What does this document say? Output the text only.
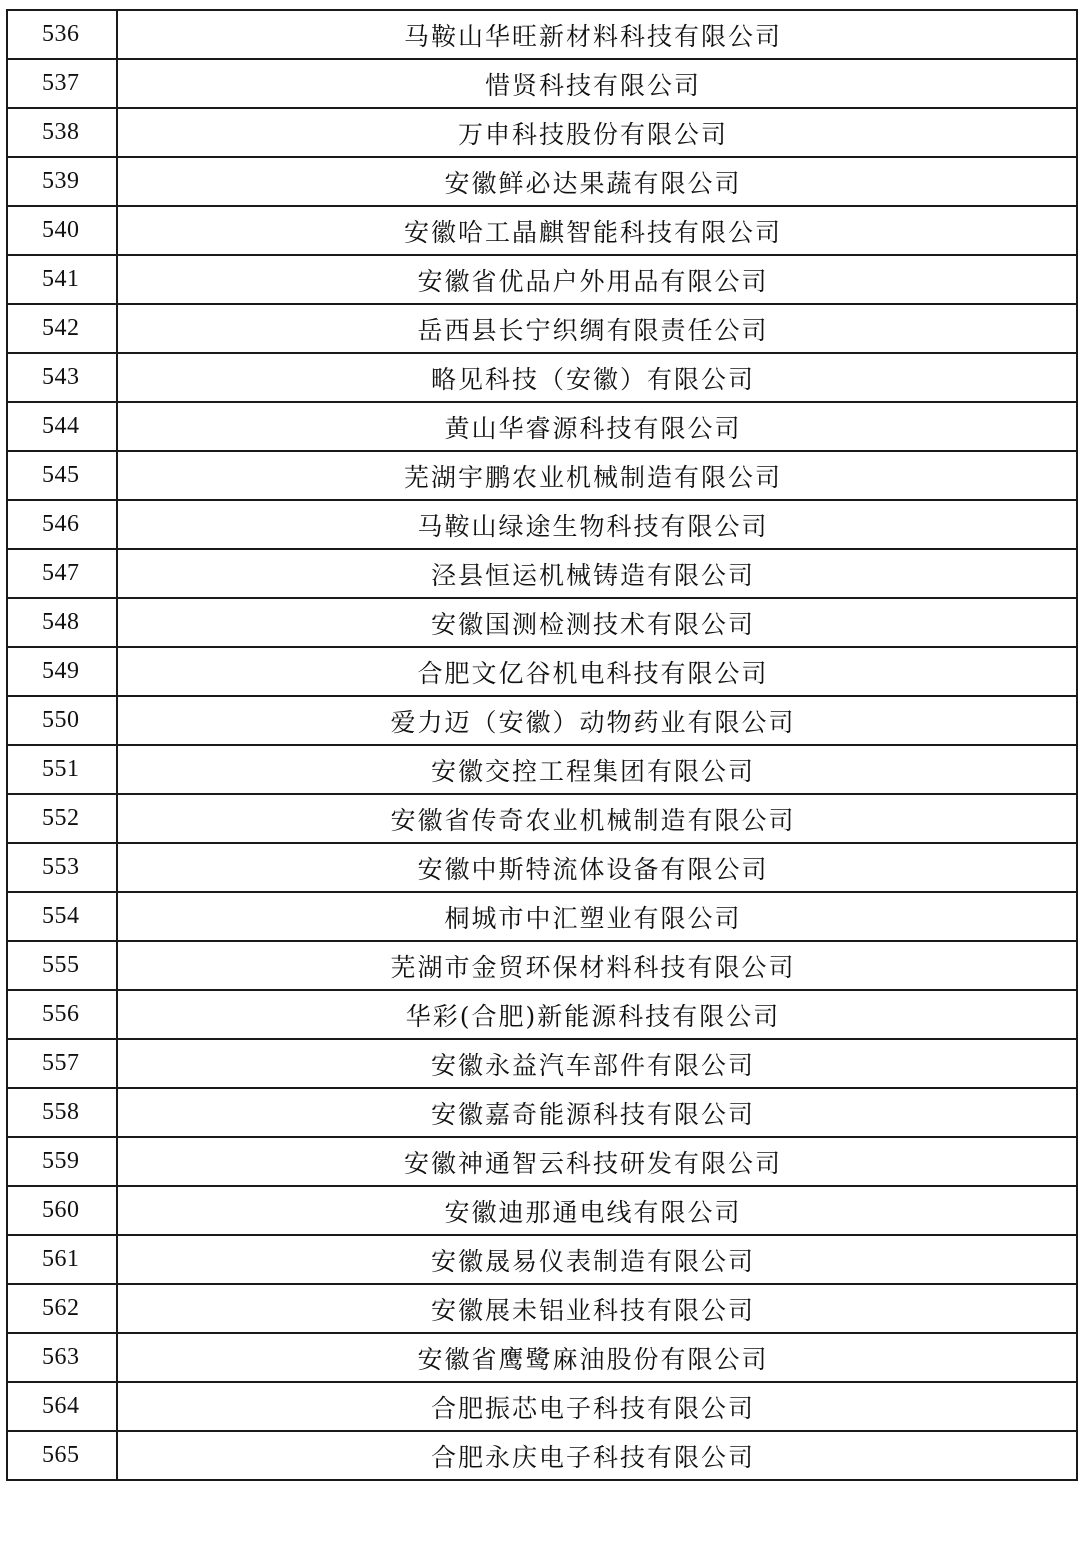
536	马鞍山华旺新材料科技有限公司
537	惜贤科技有限公司
538	万申科技股份有限公司
539	安徽鲜必达果蔬有限公司
540	安徽哈工晶麒智能科技有限公司
541	安徽省优品户外用品有限公司
542	岳西县长宁织绸有限责任公司
543	略见科技（安徽）有限公司
544	黄山华睿源科技有限公司
545	芜湖宇鹏农业机械制造有限公司
546	马鞍山绿途生物科技有限公司
547	泾县恒运机械铸造有限公司
548	安徽国测检测技术有限公司
549	合肥文亿谷机电科技有限公司
550	爱力迈（安徽）动物药业有限公司
551	安徽交控工程集团有限公司
552	安徽省传奇农业机械制造有限公司
553	安徽中斯特流体设备有限公司
554	桐城市中汇塑业有限公司
555	芜湖市金贸环保材料科技有限公司
556	华彩(合肥)新能源科技有限公司
557	安徽永益汽车部件有限公司
558	安徽嘉奇能源科技有限公司
559	安徽神通智云科技研发有限公司
560	安徽迪那通电线有限公司
561	安徽晟易仪表制造有限公司
562	安徽展未铝业科技有限公司
563	安徽省鹰鹭麻油股份有限公司
564	合肥振芯电子科技有限公司
565	合肥永庆电子科技有限公司
